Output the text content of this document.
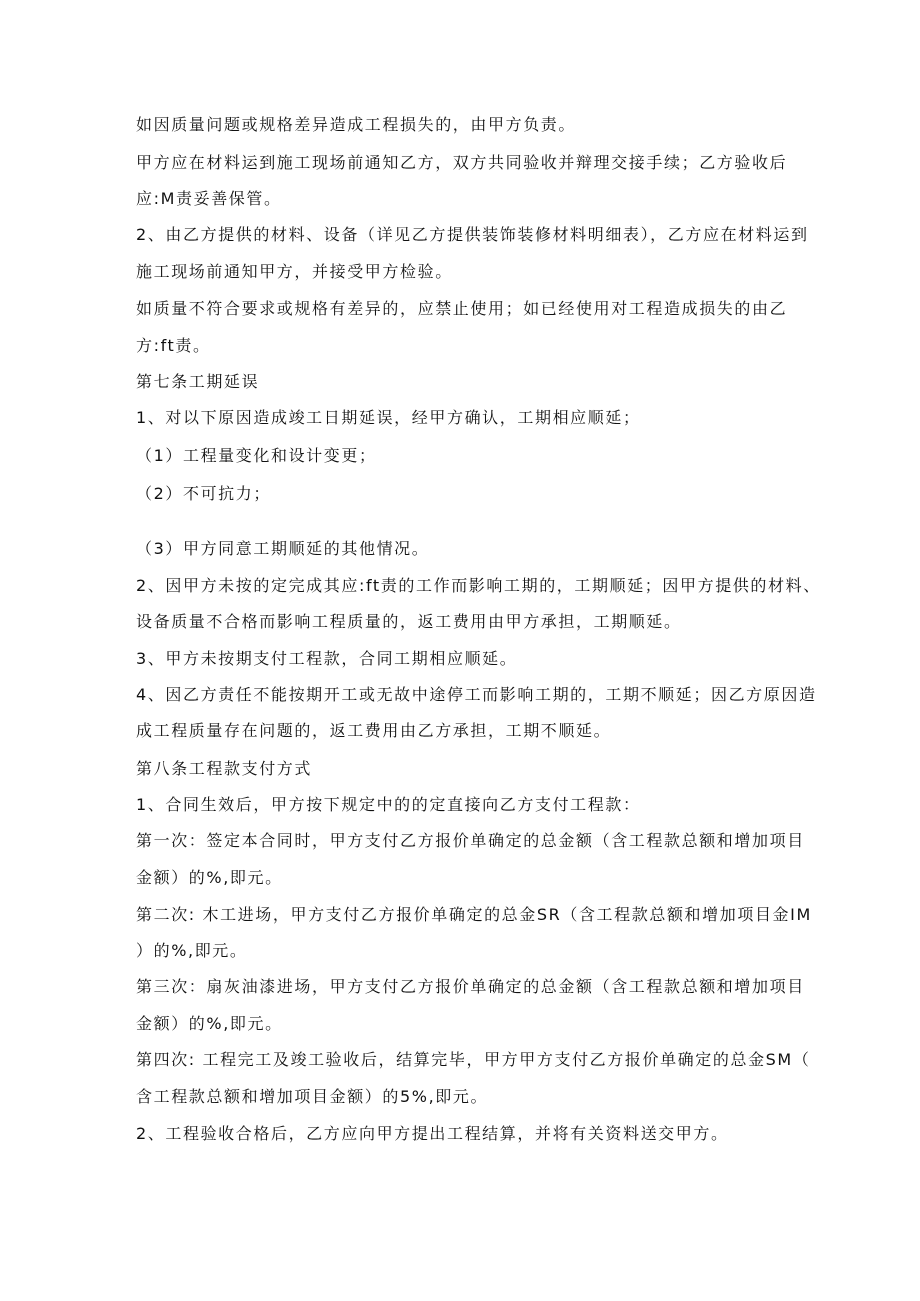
如因质量问题或规格差异造成工程损失的，由甲方负责。
甲方应在材料运到施工现场前通知乙方，双方共同验收并辩理交接手续；乙方验收后
应:M责妥善保管。
2、由乙方提供的材料、设备（详见乙方提供装饰装修材料明细表），乙方应在材料运到
施工现场前通知甲方，并接受甲方检验。
如质量不符合要求或规格有差异的，应禁止使用；如已经使用对工程造成损失的由乙
方:ft责。
第七条工期延误
1、对以下原因造成竣工日期延误，经甲方确认，工期相应顺延；
（1）工程量变化和设计变更；
（2）不可抗力；
（3）甲方同意工期顺延的其他情况。
2、因甲方未按的定完成其应:ft责的工作而影响工期的，工期顺延；因甲方提供的材料、
设备质量不合格而影响工程质量的，返工费用由甲方承担，工期顺延。
3、甲方未按期支付工程款，合同工期相应顺延。
4、因乙方责任不能按期开工或无故中途停工而影响工期的，工期不顺延；因乙方原因造
成工程质量存在问题的，返工费用由乙方承担，工期不顺延。
第八条工程款支付方式
1、合同生效后，甲方按下规定中的的定直接向乙方支付工程款：
第一次：签定本合同时，甲方支付乙方报价单确定的总金额（含工程款总额和增加项目
金额）的%,即元。
第二次: 木工进场，甲方支付乙方报价单确定的总金SR（含工程款总额和增加项目金IM
）的%,即元。
第三次：扇灰油漆进场，甲方支付乙方报价单确定的总金额（含工程款总额和增加项目
金额）的%,即元。
第四次: 工程完工及竣工验收后，结算完毕，甲方甲方支付乙方报价单确定的总金SM（
含工程款总额和增加项目金额）的5%,即元。
2、工程验收合格后，乙方应向甲方提出工程结算，并将有关资料送交甲方。
